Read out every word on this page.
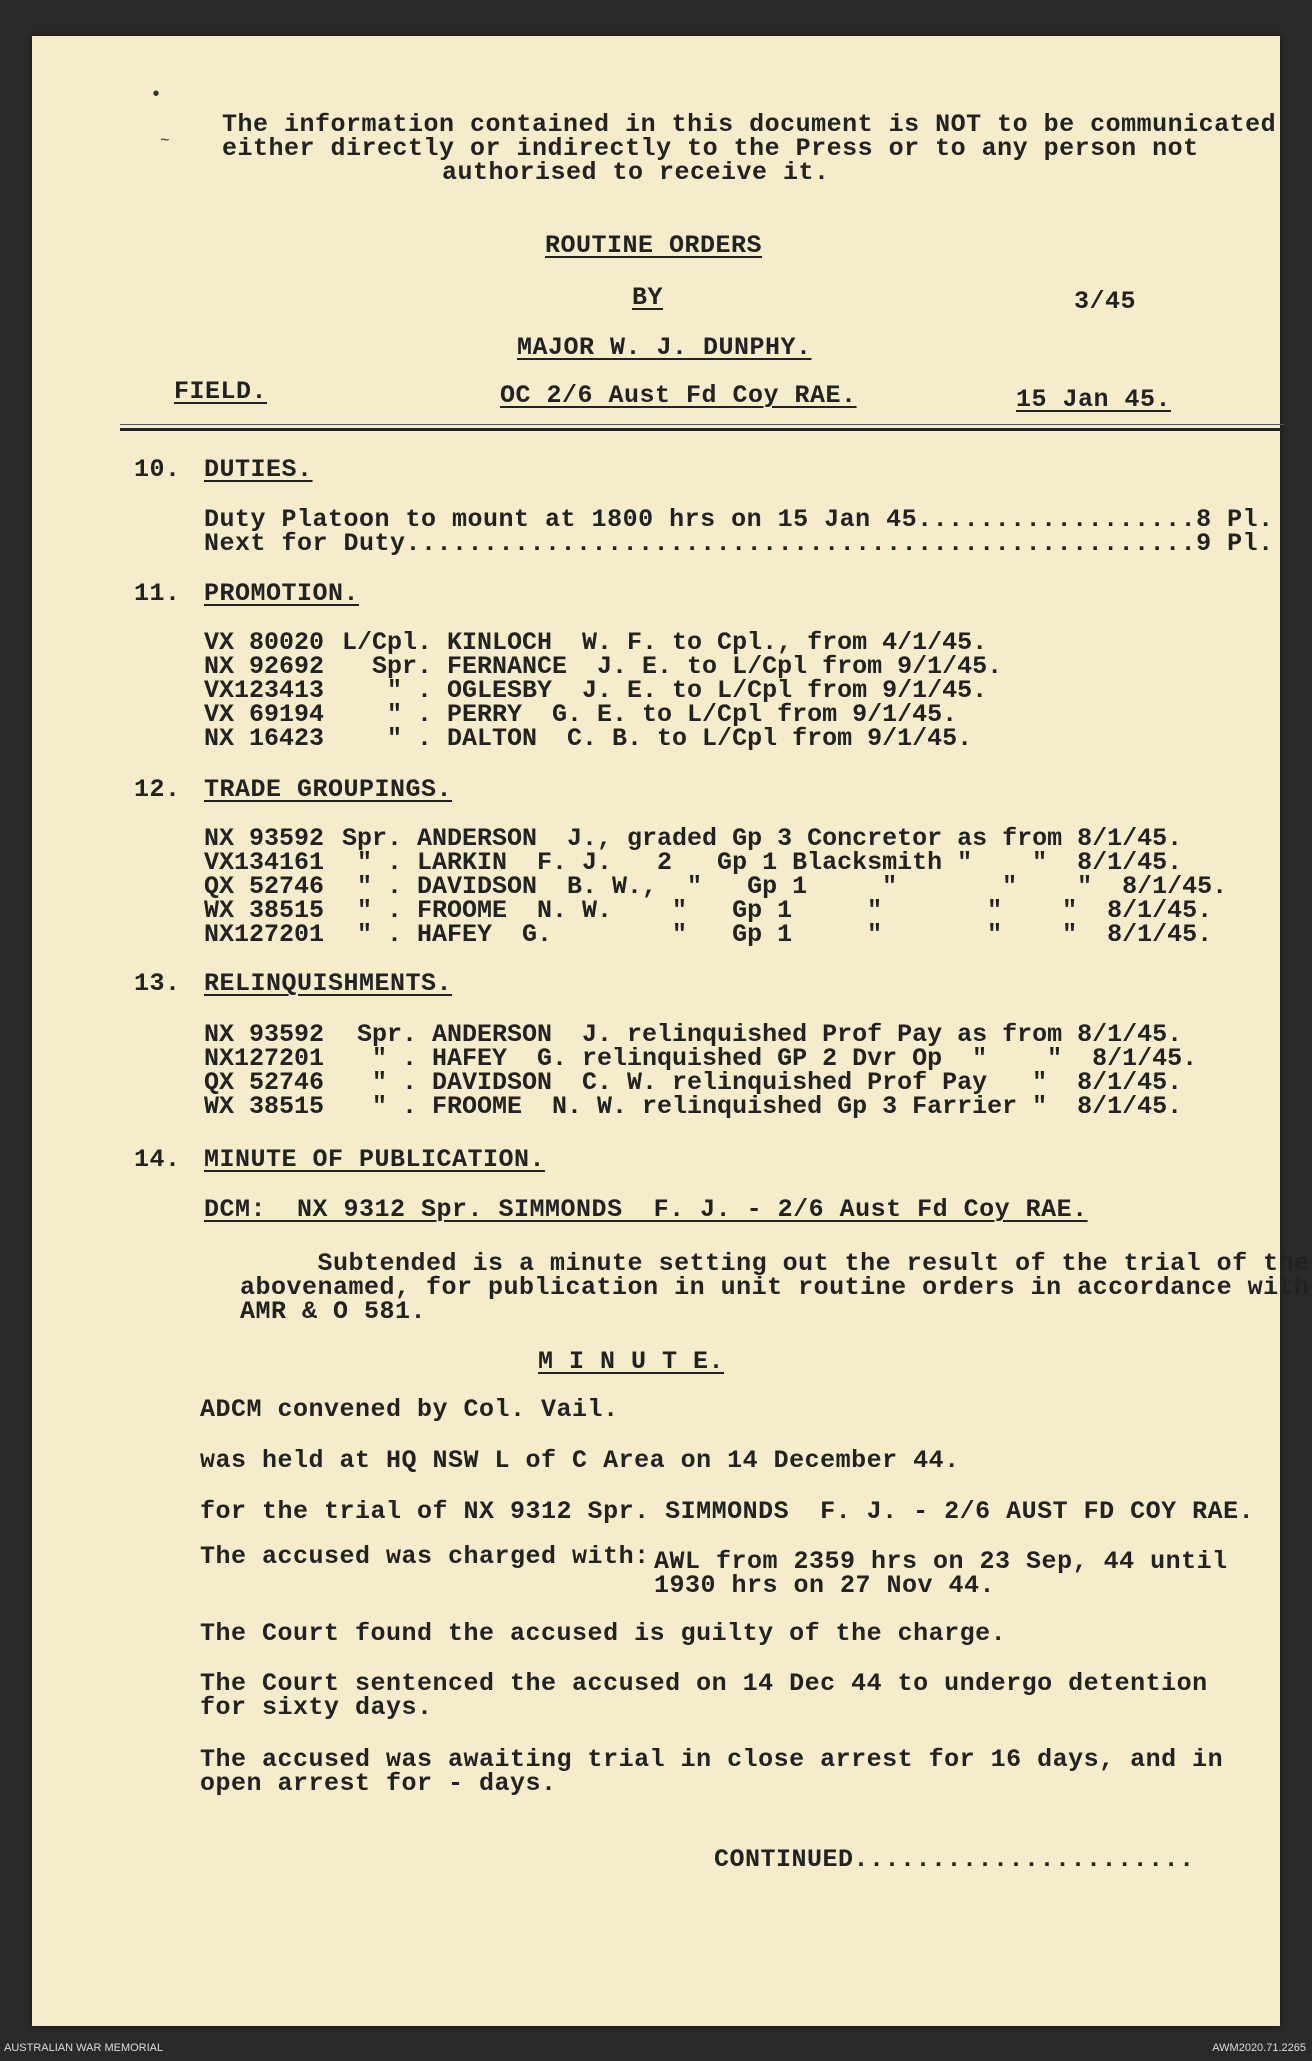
•
~
The information contained in this document is NOT to be communicated
either directly or indirectly to the Press or to any person not
authorised to receive it.
ROUTINE ORDERS
BY	3/45
MAJOR W. J. DUNPHY.
FIELD.	OC 2/6 Aust Fd Coy RAE.	15 Jan 45.
10. DUTIES.
Duty Platoon to mount at 1800 hrs on 15 Jan 45..................8 Pl.
Next for Duty...................................................9 Pl.
11. PROMOTION.
VX 80020 L/Cpl. KINLOCH  W. F. to Cpl., from 4/1/45.
NX 92692 Spr. FERNANCE  J. E. to L/Cpl from 9/1/45.
VX123413 " . OGLESBY  J. E. to L/Cpl from 9/1/45.
VX 69194 " . PERRY  G. E. to L/Cpl from 9/1/45.
NX 16423 " . DALTON  C. B. to L/Cpl from 9/1/45.
12. TRADE GROUPINGS.
NX 93592 Spr. ANDERSON  J., graded Gp 3 Concretor as from 8/1/45.
VX134161 " . LARKIN  F. J.   2   Gp 1 Blacksmith "    "  8/1/45.
QX 52746 " . DAVIDSON  B. W.,  "   Gp 1     "       "    "  8/1/45.
WX 38515 " . FROOME  N. W.    "   Gp 1     "       "    "  8/1/45.
NX127201 " . HAFEY  G.        "   Gp 1     "       "    "  8/1/45.
13. RELINQUISHMENTS.
NX 93592 Spr. ANDERSON  J. relinquished Prof Pay as from 8/1/45.
NX127201 " . HAFEY  G. relinquished GP 2 Dvr Op  "    "  8/1/45.
QX 52746 " . DAVIDSON  C. W. relinquished Prof Pay   "  8/1/45.
WX 38515 " . FROOME  N. W. relinquished Gp 3 Farrier "  8/1/45.
14. MINUTE OF PUBLICATION.
DCM:  NX 9312 Spr. SIMMONDS  F. J. - 2/6 Aust Fd Coy RAE.
Subtended is a minute setting out the result of the trial of the
abovenamed, for publication in unit routine orders in accordance with
AMR & O 581.
M I N U T E.
ADCM convened by Col. Vail.
was held at HQ NSW L of C Area on 14 December 44.
for the trial of NX 9312 Spr. SIMMONDS  F. J. - 2/6 AUST FD COY RAE.
The accused was charged with: AWL from 2359 hrs on 23 Sep, 44 until
1930 hrs on 27 Nov 44.
The Court found the accused is guilty of the charge.
The Court sentenced the accused on 14 Dec 44 to undergo detention
for sixty days.
The accused was awaiting trial in close arrest for 16 days, and in
open arrest for - days.
CONTINUED......................
AUSTRALIAN WAR MEMORIAL	AWM2020.71.2265
